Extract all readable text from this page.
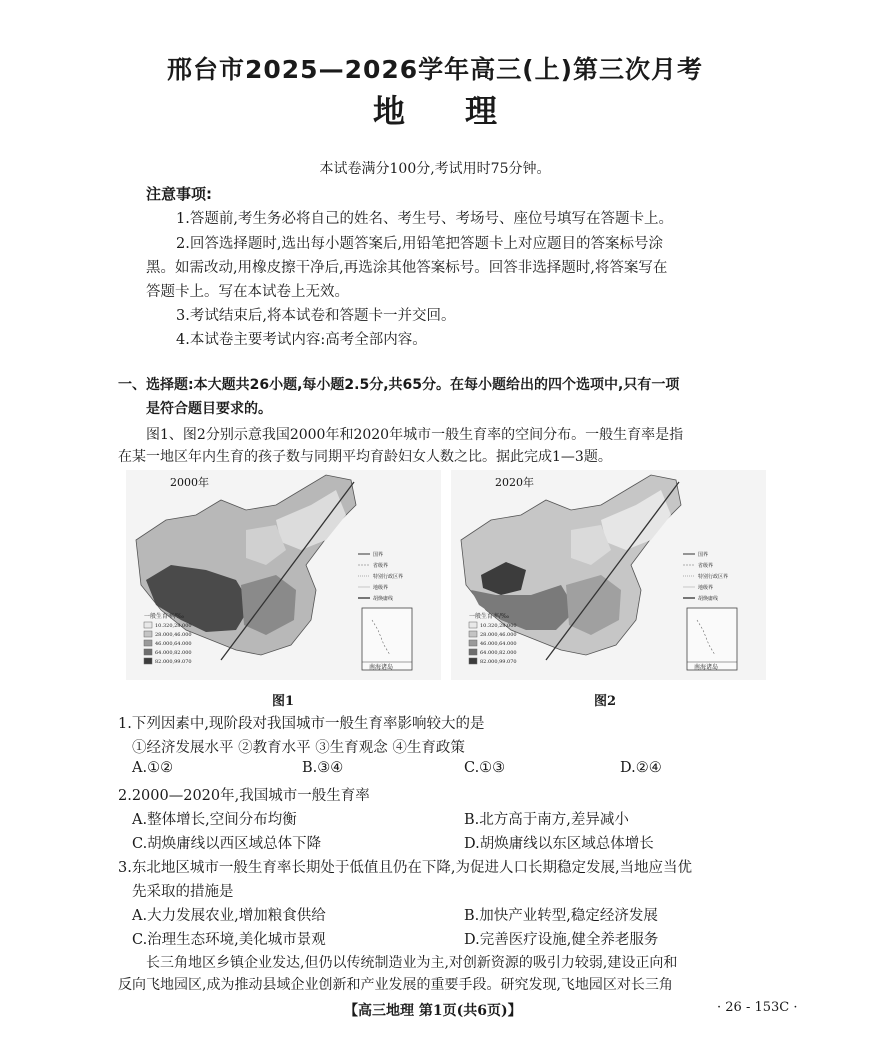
邢台市2025—2026学年高三(上)第三次月考
地理
本试卷满分100分,考试用时75分钟。
注意事项:
1.答题前,考生务必将自己的姓名、考生号、考场号、座位号填写在答题卡上。
2.回答选择题时,选出每小题答案后,用铅笔把答题卡上对应题目的答案标号涂
黑。如需改动,用橡皮擦干净后,再选涂其他答案标号。回答非选择题时,将答案写在
答题卡上。写在本试卷上无效。
3.考试结束后,将本试卷和答题卡一并交回。
4.本试卷主要考试内容:高考全部内容。
一、选择题:本大题共26小题,每小题2.5分,共65分。在每小题给出的四个选项中,只有一项
是符合题目要求的。
图1、图2分别示意我国2000年和2020年城市一般生育率的空间分布。一般生育率是指
在某一地区年内生育的孩子数与同期平均育龄妇女人数之比。据此完成1—3题。
一般生育率/‰
10.320,28.000
28.000,46.000
46.000,64.000
64.000,82.000
82.000,99.070
国界
省级界
特别行政区界
地级界
胡焕庸线
南海诸岛
2000年
一般生育率/‰
10.320,28.000
28.000,46.000
46.000,64.000
64.000,82.000
82.000,99.070
国界
省级界
特别行政区界
地级界
胡焕庸线
南海诸岛
2020年
图1	图2
1.下列因素中,现阶段对我国城市一般生育率影响较大的是
①经济发展水平 ②教育水平 ③生育观念 ④生育政策
A.①②	B.③④	C.①③	D.②④
2.2000—2020年,我国城市一般生育率
A.整体增长,空间分布均衡	B.北方高于南方,差异减小
C.胡焕庸线以西区域总体下降	D.胡焕庸线以东区域总体增长
3.东北地区城市一般生育率长期处于低值且仍在下降,为促进人口长期稳定发展,当地应当优
先采取的措施是
A.大力发展农业,增加粮食供给	B.加快产业转型,稳定经济发展
C.治理生态环境,美化城市景观	D.完善医疗设施,健全养老服务
长三角地区乡镇企业发达,但仍以传统制造业为主,对创新资源的吸引力较弱,建设正向和
反向飞地园区,成为推动县域企业创新和产业发展的重要手段。研究发现,飞地园区对长三角
【高三地理 第1页(共6页)】	· 26 - 153C ·
